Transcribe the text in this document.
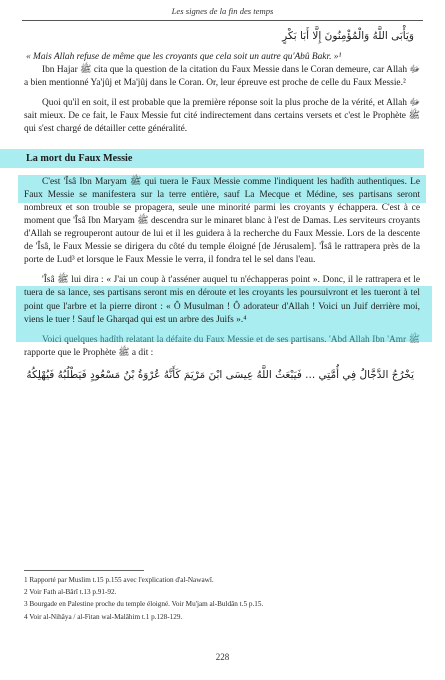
Les signes de la fin des temps

وَيَأْبَى اللَّهُ وَالْمُؤْمِنُونَ إِلَّا أَبَا بَكْرٍ

« Mais Allah refuse de même que les croyants que cela soit un autre qu'Abû Bakr. »¹

Ibn Hajar ﷺ cita que la question de la citation du Faux Messie dans le Coran demeure, car Allah ﷻ a bien mentionné Ya'jûj et Ma'jûj dans le Coran. Or, leur épreuve est proche de celle du Faux Messie.²

Quoi qu'il en soit, il est probable que la première réponse soit la plus proche de la vérité, et Allah ﷻ sait mieux. De ce fait, le Faux Messie fut cité indirectement dans certains versets et c'est le Prophète ﷺ qui s'est chargé de détailler cette généralité.

La mort du Faux Messie

C'est 'Îsâ Ibn Maryam ﷺ qui tuera le Faux Messie comme l'indiquent les hadîth authentiques. Le Faux Messie se manifestera sur la terre entière, sauf La Mecque et Médine, ses partisans seront nombreux et son trouble se propagera, seule une minorité parmi les croyants y échappera. C'est à ce moment que 'Îsâ Ibn Maryam ﷺ descendra sur le minaret blanc à l'est de Damas. Les serviteurs croyants d'Allah se regrouperont autour de lui et il les guidera à la recherche du Faux Messie. Lors de la descente de 'Îsâ, le Faux Messie se dirigera du côté du temple éloigné [de Jérusalem]. 'Îsâ le rattrapera près de la porte de Lud³ et lorsque le Faux Messie le verra, il fondra tel le sel dans l'eau.

'Îsâ ﷺ lui dira : « J'ai un coup à t'asséner auquel tu n'échapperas point ». Donc, il le rattrapera et le tuera de sa lance, ses partisans seront mis en déroute et les croyants les poursuivront et les tueront à tel point que l'arbre et la pierre diront : « Ô Musulman ! Ô adorateur d'Allah ! Voici un Juif derrière moi, viens le tuer ! Sauf le Gharqad qui est un arbre des Juifs ».⁴

Voici quelques hadîth relatant la défaite du Faux Messie et de ses partisans. 'Abd Allah Ibn 'Amr ﷺ rapporte que le Prophète ﷺ a dit :

يَخْرُجُ الدَّجَّالُ فِي أُمَّتِي ... فَيَبْعَثُ اللَّهُ عِيسَى ابْنَ مَرْيَمَ كَأَنَّهُ عُرْوَةُ بْنُ مَسْعُودٍ فَيَطْلُبُهُ فَيُهْلِكُهُ

1 Rapporté par Muslim t.15 p.155 avec l'explication d'al-Nawawî.
2 Voir Fath al-Bârî t.13 p.91-92.
3 Bourgade en Palestine proche du temple éloigné. Voir Mu'jam al-Buldân t.5 p.15.
4 Voir al-Nihâya / al-Fitan wal-Malâhim t.1 p.128-129.
228
